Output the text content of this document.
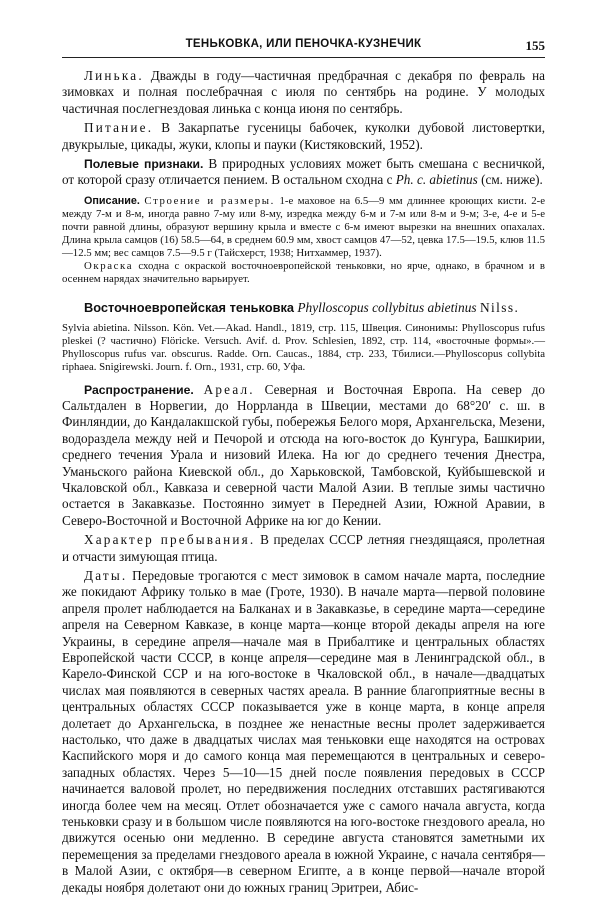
ТЕНЬКОВКА, ИЛИ ПЕНОЧКА-КУЗНЕЧИК	155

Линька. Дважды в году—частичная предбрачная с декабря по февраль на зимовках и полная послебрачная с июля по сентябрь на родине. У молодых частичная послегнездовая линька с конца июня по сентябрь.

Питание. В Закарпатье гусеницы бабочек, куколки дубовой листовертки, двукрылые, цикады, жуки, клопы и пауки (Кистяковский, 1952).

Полевые признаки. В природных условиях может быть смешана с весничкой, от которой сразу отличается пением. В остальном сходна с Ph. c. abietinus (см. ниже).

Описание. Строение и размеры. 1-е маховое на 6.5—9 мм длиннее кроющих кисти. 2-е между 7-м и 8-м, иногда равно 7-му или 8-му, изредка между 6-м и 7-м или 8-м и 9-м; 3-е, 4-е и 5-е почти равной длины, образуют вершину крыла и вместе с 6-м имеют вырезки на внешних опахалах. Длина крыла самцов (16) 58.5—64, в среднем 60.9 мм, хвост самцов 47—52, цевка 17.5—19.5, клюв 11.5—12.5 мм; вес самцов 7.5—9.5 г (Тайсхерст, 1938; Нитхаммер, 1937).

Окраска сходна с окраской восточноевропейской теньковки, но ярче, однако, в брачном и в осеннем нарядах значительно варьирует.

Восточноевропейская теньковка Phylloscopus collybitus abietinus Nilss.

Sylvia abietina. Nilsson. Kön. Vet.—Akad. Handl., 1819, стр. 115, Швеция. Синонимы: Phylloscopus rufus pleskei (? частично) Flöricke. Versuch. Avif. d. Prov. Schlesien, 1892, стр. 114, «восточные формы».—Phylloscopus rufus var. obscurus. Radde. Orn. Caucas., 1884, стр. 233, Тбилиси.—Phylloscopus collybita riphaea. Snigirewski. Journ. f. Orn., 1931, стр. 60, Уфа.

Распространение. Ареал. Северная и Восточная Европа. На север до Сальтдален в Норвегии, до Норрланда в Швеции, местами до 68°20′ с. ш. в Финляндии, до Кандалакшской губы, побережья Белого моря, Архангельска, Мезени, водораздела между ней и Печорой и отсюда на юго-восток до Кунгура, Башкирии, среднего течения Урала и низовий Илека. На юг до среднего течения Днестра, Уманьского района Киевской обл., до Харьковской, Тамбовской, Куйбышевской и Чкаловской обл., Кавказа и северной части Малой Азии. В теплые зимы частично остается в Закавказье. Постоянно зимует в Передней Азии, Южной Аравии, в Северо-Восточной и Восточной Африке на юг до Кении.

Характер пребывания. В пределах СССР летняя гнездящаяся, пролетная и отчасти зимующая птица.

Даты. Передовые трогаются с мест зимовок в самом начале марта, последние же покидают Африку только в мае (Гроте, 1930). В начале марта—первой половине апреля пролет наблюдается на Балканах и в Закавказье, в середине марта—середине апреля на Северном Кавказе, в конце марта—конце второй декады апреля на юге Украины, в середине апреля—начале мая в Прибалтике и центральных областях Европейской части СССР, в конце апреля—середине мая в Ленинградской обл., в Карело-Финской ССР и на юго-востоке в Чкаловской обл., в начале—двадцатых числах мая появляются в северных частях ареала. В ранние благоприятные весны в центральных областях СССР показывается уже в конце марта, в конце апреля долетает до Архангельска, в позднее же ненастные весны пролет задерживается настолько, что даже в двадцатых числах мая теньковки еще находятся на островах Каспийского моря и до самого конца мая перемещаются в центральных и северо-западных областях. Через 5—10—15 дней после появления передовых в СССР начинается валовой пролет, но передвижения последних отставших растягиваются иногда более чем на месяц. Отлет обозначается уже с самого начала августа, когда теньковки сразу и в большом числе появляются на юго-востоке гнездового ареала, но движутся осенью они медленно. В середине августа становятся заметными их перемещения за пределами гнездового ареала в южной Украине, с начала сентября—в Малой Азии, с октября—в северном Египте, а в конце первой—начале второй декады ноября долетают они до южных границ Эритреи, Абис-
